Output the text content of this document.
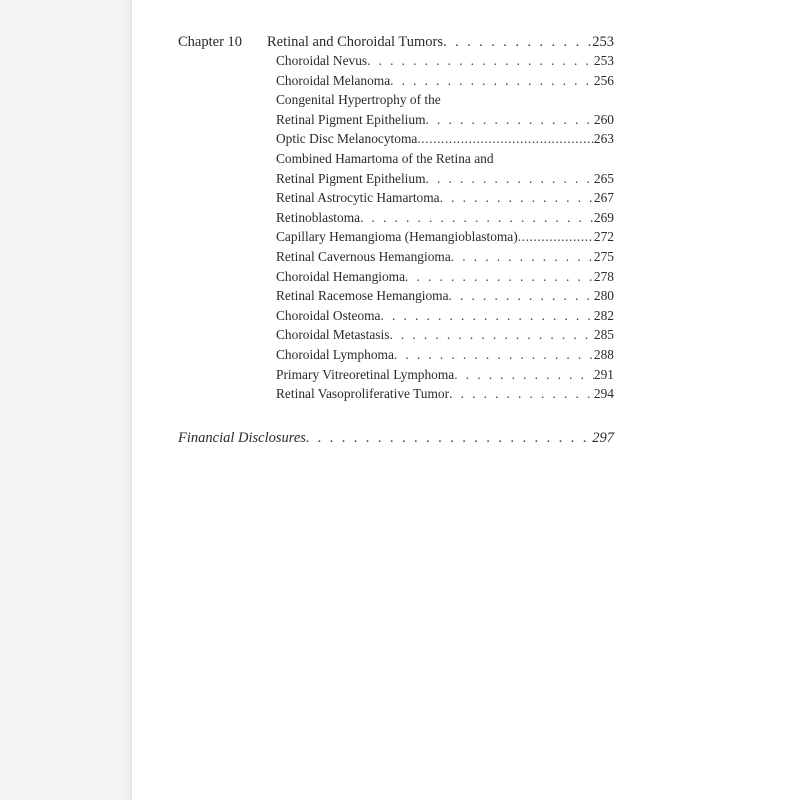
Chapter 10	Retinal and Choroidal Tumors . . .	253
Choroidal Nevus . . .	253
Choroidal Melanoma . . .	256
Congenital Hypertrophy of the
Retinal Pigment Epithelium . . .	260
Optic Disc Melanocytoma .....	263
Combined Hamartoma of the Retina and
Retinal Pigment Epithelium . . .	265
Retinal Astrocytic Hamartoma . . .	267
Retinoblastoma . . .	269
Capillary Hemangioma (Hemangioblastoma) .....	272
Retinal Cavernous Hemangioma . . .	275
Choroidal Hemangioma . . .	278
Retinal Racemose Hemangioma . . .	280
Choroidal Osteoma . . .	282
Choroidal Metastasis . . .	285
Choroidal Lymphoma . . .	288
Primary Vitreoretinal Lymphoma . . .	291
Retinal Vasoproliferative Tumor . . .	294
Financial Disclosures . . .	297
